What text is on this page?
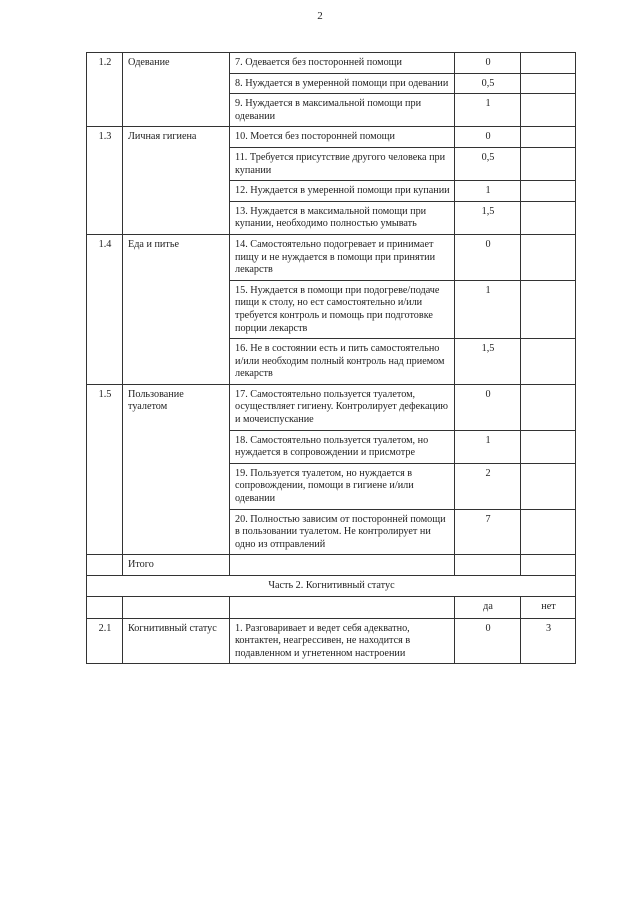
2
1.2	Одевание	7. Одевается без посторонней помощи	0	
		8. Нуждается в умеренной помощи при одевании	0,5	
		9. Нуждается в максимальной помощи при одевании	1	
1.3	Личная гигиена	10. Моется без посторонней помощи	0	
		11. Требуется присутствие другого человека при купании	0,5	
		12. Нуждается в умеренной помощи при купании	1	
		13. Нуждается в максимальной помощи при купании, необходимо полностью умывать	1,5	
1.4	Еда и питье	14. Самостоятельно подогревает и принимает пищу и не нуждается в помощи при принятии лекарств	0	
		15. Нуждается в помощи при подогреве/подаче пищи к столу, но ест самостоятельно и/или требуется контроль и помощь при подготовке порции лекарств	1	
		16. Не в состоянии есть и пить самостоятельно и/или необходим полный контроль над приемом лекарств	1,5	
1.5	Пользование туалетом	17. Самостоятельно пользуется туалетом, осуществляет гигиену. Контролирует дефекацию и мочеиспускание	0	
		18. Самостоятельно пользуется туалетом, но нуждается в сопровождении и присмотре	1	
		19. Пользуется туалетом, но нуждается в сопровождении, помощи в гигиене и/или одевании	2	
		20. Полностью зависим от посторонней помощи в пользовании туалетом. Не контролирует ни одно из отправлений	7	
	Итого			
Часть 2. Когнитивный статус				
			да	нет
2.1	Когнитивный статус	1. Разговаривает и ведет себя адекватно, контактен, неагрессивен, не находится в подавленном и угнетенном настроении	0	3
